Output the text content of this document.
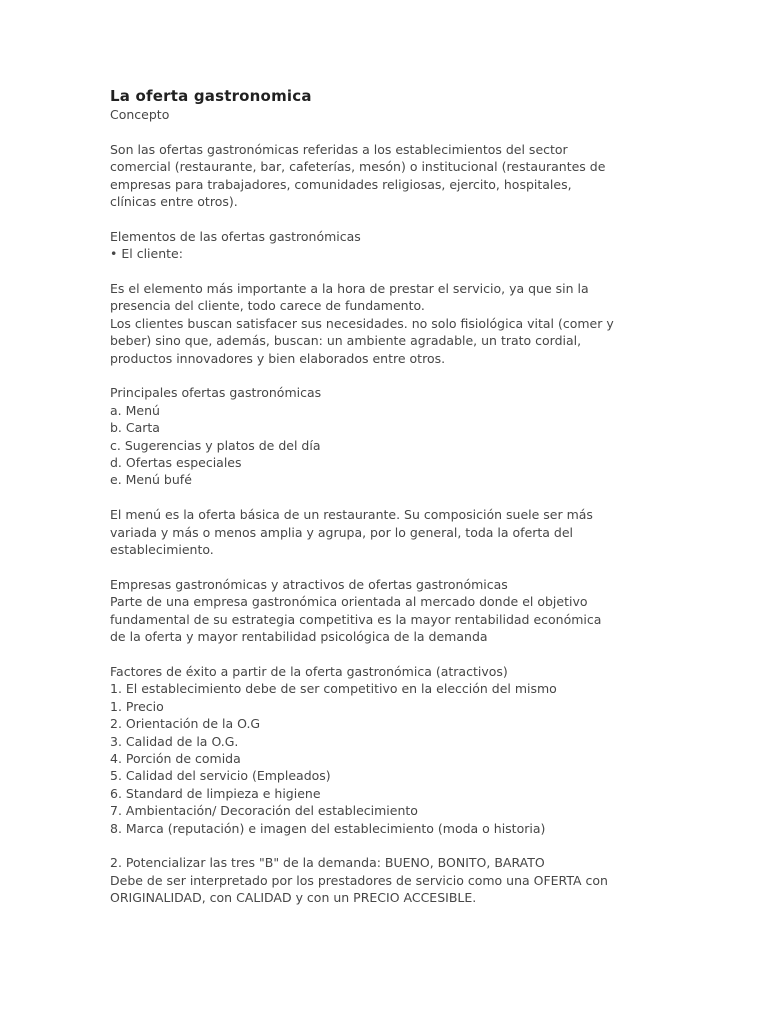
La oferta gastronomica
Concepto
Son las ofertas gastronómicas referidas a los establecimientos del sector
comercial (restaurante, bar, cafeterías, mesón) o institucional (restaurantes de
empresas para trabajadores, comunidades religiosas, ejercito, hospitales,
clínicas entre otros).
Elementos de las ofertas gastronómicas
• El cliente:
Es el elemento más importante a la hora de prestar el servicio, ya que sin la
presencia del cliente, todo carece de fundamento.
Los clientes buscan satisfacer sus necesidades. no solo fisiológica vital (comer y
beber) sino que, además, buscan: un ambiente agradable, un trato cordial,
productos innovadores y bien elaborados entre otros.
Principales ofertas gastronómicas
a. Menú
b. Carta
c. Sugerencias y platos de del día
d. Ofertas especiales
e. Menú bufé
El menú es la oferta básica de un restaurante. Su composición suele ser más
variada y más o menos amplia y agrupa, por lo general, toda la oferta del
establecimiento.
Empresas gastronómicas y atractivos de ofertas gastronómicas
Parte de una empresa gastronómica orientada al mercado donde el objetivo
fundamental de su estrategia competitiva es la mayor rentabilidad económica
de la oferta y mayor rentabilidad psicológica de la demanda
Factores de éxito a partir de la oferta gastronómica (atractivos)
1. El establecimiento debe de ser competitivo en la elección del mismo
1. Precio
2. Orientación de la O.G
3. Calidad de la O.G.
4. Porción de comida
5. Calidad del servicio (Empleados)
6. Standard de limpieza e higiene
7. Ambientación/ Decoración del establecimiento
8. Marca (reputación) e imagen del establecimiento (moda o historia)
2. Potencializar las tres "B" de la demanda: BUENO, BONITO, BARATO
Debe de ser interpretado por los prestadores de servicio como una OFERTA con
ORIGINALIDAD, con CALIDAD y con un PRECIO ACCESIBLE.
